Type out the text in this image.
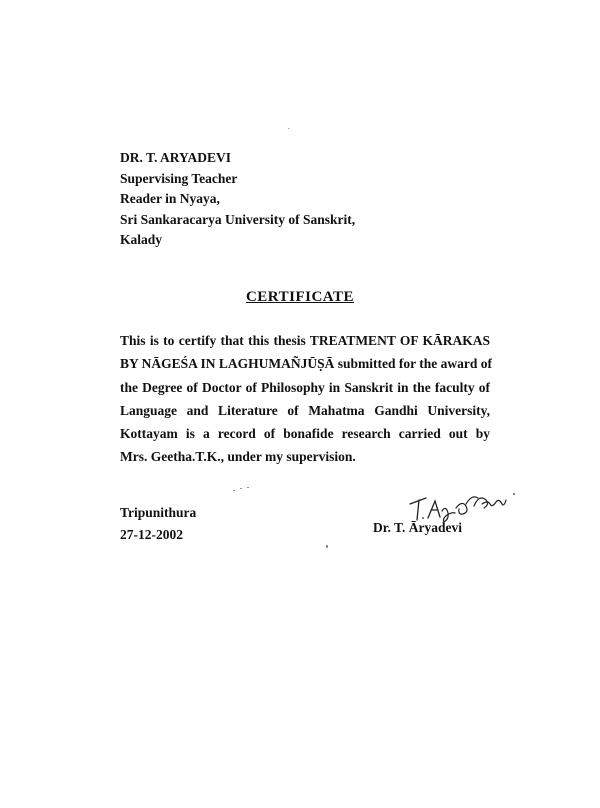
DR. T. ARYADEVI
Supervising Teacher
Reader in Nyaya,
Sri Sankaracarya University of Sanskrit,
Kalady
CERTIFICATE
This is to certify that this thesis TREATMENT OF KĀRAKAS
BY NĀGEŚA IN LAGHUMAÑJŪṢĀ submitted for the award of
the Degree of Doctor of Philosophy in Sanskrit in the faculty of
Language and Literature of Mahatma Gandhi University,
Kottayam is a record of bonafide research carried out by
Mrs. Geetha.T.K., under my supervision.
Tripunithura
27-12-2002	Dr. T. Āryadevi
